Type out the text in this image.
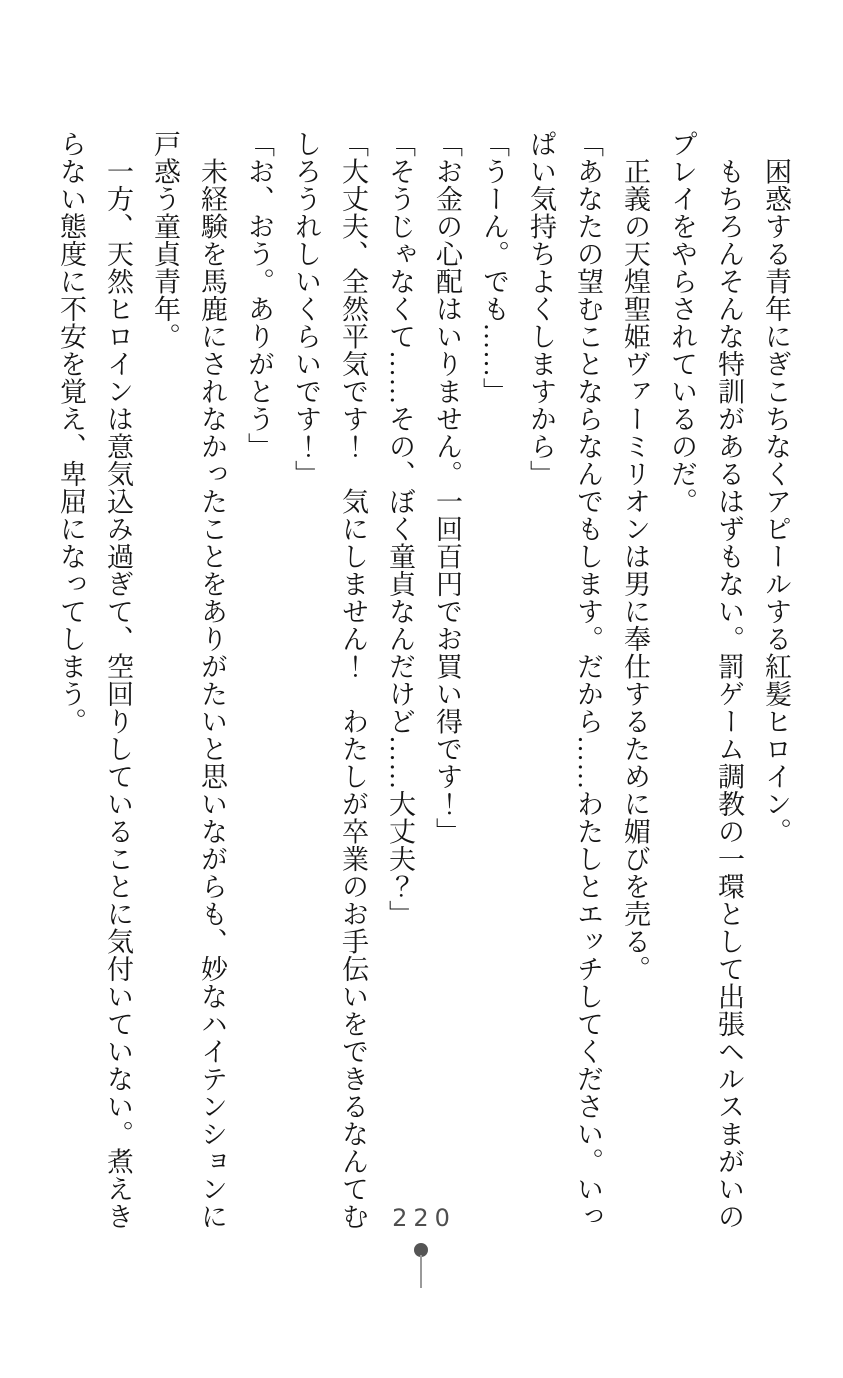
　困惑する青年にぎこちなくアピールする紅髪ヒロイン。

　もちろんそんな特訓があるはずもない。罰ゲーム調教の一環として出張ヘルスまがいの

プレイをやらされているのだ。

　正義の天煌聖姫ヴァーミリオンは男に奉仕するために媚びを売る。

「あなたの望むことならなんでもします。だから……わたしとエッチしてください。いっ

ぱい気持ちよくしますから」

「うーん。でも……」

「お金の心配はいりません。一回百円でお買い得です！」

「そうじゃなくて……その、ぼく童貞なんだけど……大丈夫？」

「大丈夫、全然平気です！　気にしません！　わたしが卒業のお手伝いをできるなんてむ

しろうれしいくらいです！」

「お、おう。ありがとう」

　未経験を馬鹿にされなかったことをありがたいと思いながらも、妙なハイテンションに

戸惑う童貞青年。

　一方、天然ヒロインは意気込み過ぎて、空回りしていることに気付いていない。煮えき

らない態度に不安を覚え、卑屈になってしまう。

220
